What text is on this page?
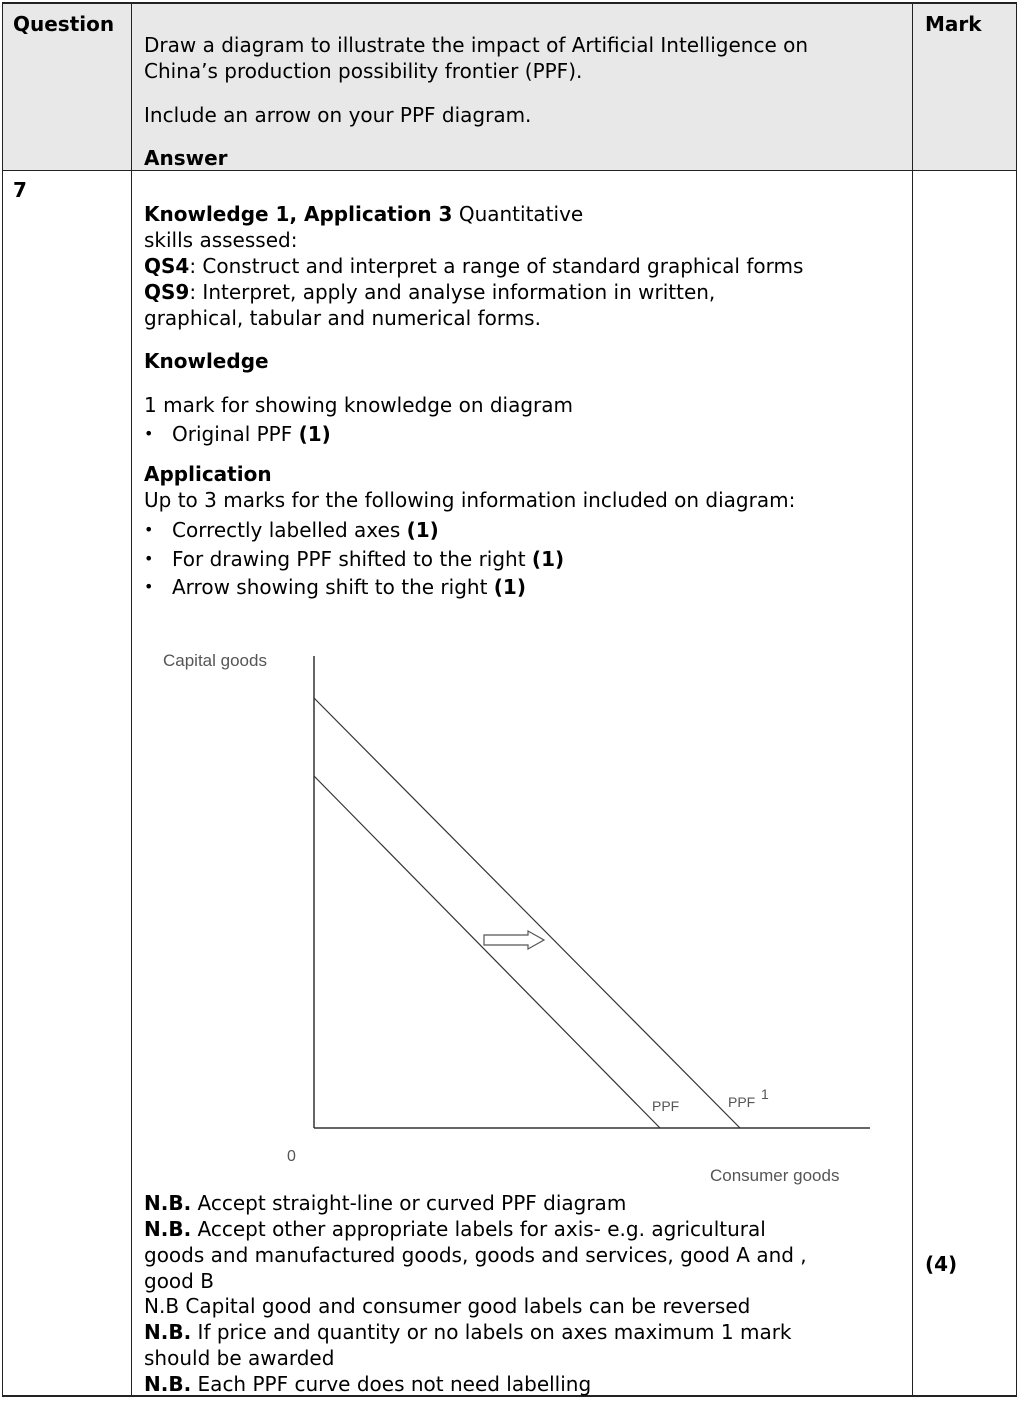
Question	Mark
Draw a diagram to illustrate the impact of Artificial Intelligence on
China’s production possibility frontier (PPF).
Include an arrow on your PPF diagram.
Answer
7
(4)
Knowledge 1, Application 3 Quantitative
skills assessed:
QS4: Construct and interpret a range of standard graphical forms
QS9: Interpret, apply and analyse information in written,
graphical, tabular and numerical forms.
Knowledge
1 mark for showing knowledge on diagram
• Original PPF (1)
Application
Up to 3 marks for the following information included on diagram:
• Correctly labelled axes (1)
• For drawing PPF shifted to the right (1)
• Arrow showing shift to the right (1)
Capital goods
PPF	PPF 1
0
Consumer goods
N.B. Accept straight-line or curved PPF diagram
N.B. Accept other appropriate labels for axis- e.g. agricultural
goods and manufactured goods, goods and services, good A and ,
good B
N.B Capital good and consumer good labels can be reversed
N.B. If price and quantity or no labels on axes maximum 1 mark
should be awarded
N.B. Each PPF curve does not need labelling
